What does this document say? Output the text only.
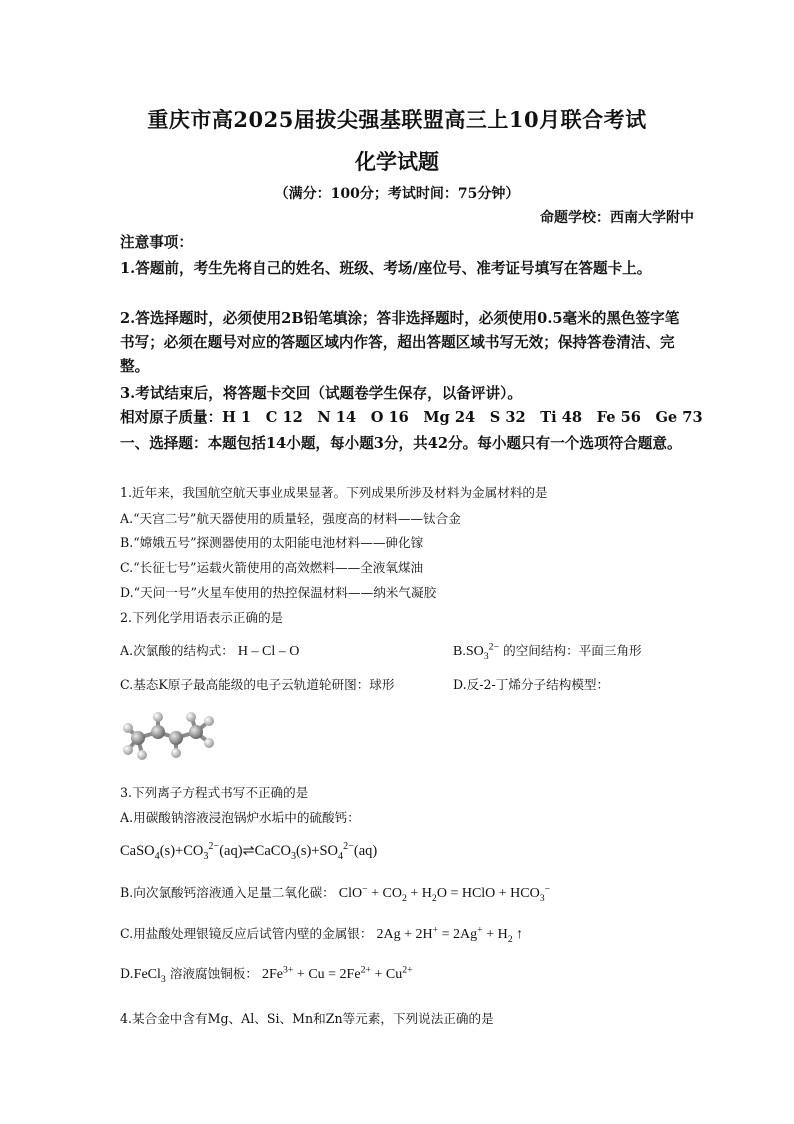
重庆市高2025届拔尖强基联盟高三上10月联合考试
化学试题
（满分：100分；考试时间：75分钟）
命题学校：西南大学附中
注意事项：
1.答题前，考生先将自己的姓名、班级、考场/座位号、准考证号填写在答题卡上。
2.答选择题时，必须使用2B铅笔填涂；答非选择题时，必须使用0.5毫米的黑色签字笔书写；必须在题号对应的答题区域内作答，超出答题区域书写无效；保持答卷清洁、完整。
3.考试结束后，将答题卡交回（试题卷学生保存，以备评讲）。
相对原子质量：H 1　C 12　N 14　O 16　Mg 24　S 32　Ti 48　Fe 56　Ge 73
一、选择题：本题包括14小题，每小题3分，共42分。每小题只有一个选项符合题意。
1.近年来，我国航空航天事业成果显著。下列成果所涉及材料为金属材料的是
A.“天宫二号”航天器使用的质量轻，强度高的材料——钛合金
B.“嫦娥五号”探测器使用的太阳能电池材料——砷化镓
C.“长征七号”运载火箭使用的高效燃料——全液氧煤油
D.“天问一号”火星车使用的热控保温材料——纳米气凝胶
2.下列化学用语表示正确的是
A.次氯酸的结构式： H – Cl – O	$B.SO_3^{2-}$ 的空间结构：平面三角形
C.基态K原子最高能级的电子云轨道轮研图：球形	D.反-2-丁烯分子结构模型：
3.下列离子方程式书写不正确的是
A.用碳酸钠溶液浸泡锅炉水垢中的硫酸钙：
$CaSO_4(s)+CO_3^{2-}(aq)\rightleftharpoons CaCO_3(s)+SO_4^{2-}(aq)$
B.向次氯酸钙溶液通入足量二氧化碳： $ClO^- + CO_2 + H_2O$ = HClO + $HCO_3^-$
C.用盐酸处理银镜反应后试管内壁的金属银： $2Ag + 2H^+ = 2Ag^+ + H_2$ ↑
D.FeCl$_3$ 溶液腐蚀铜板： $2Fe^{3+} + Cu = 2Fe^{2+} + Cu^{2+}$
4.某合金中含有Mg、Al、Si、Mn和Zn等元素，下列说法正确的是
